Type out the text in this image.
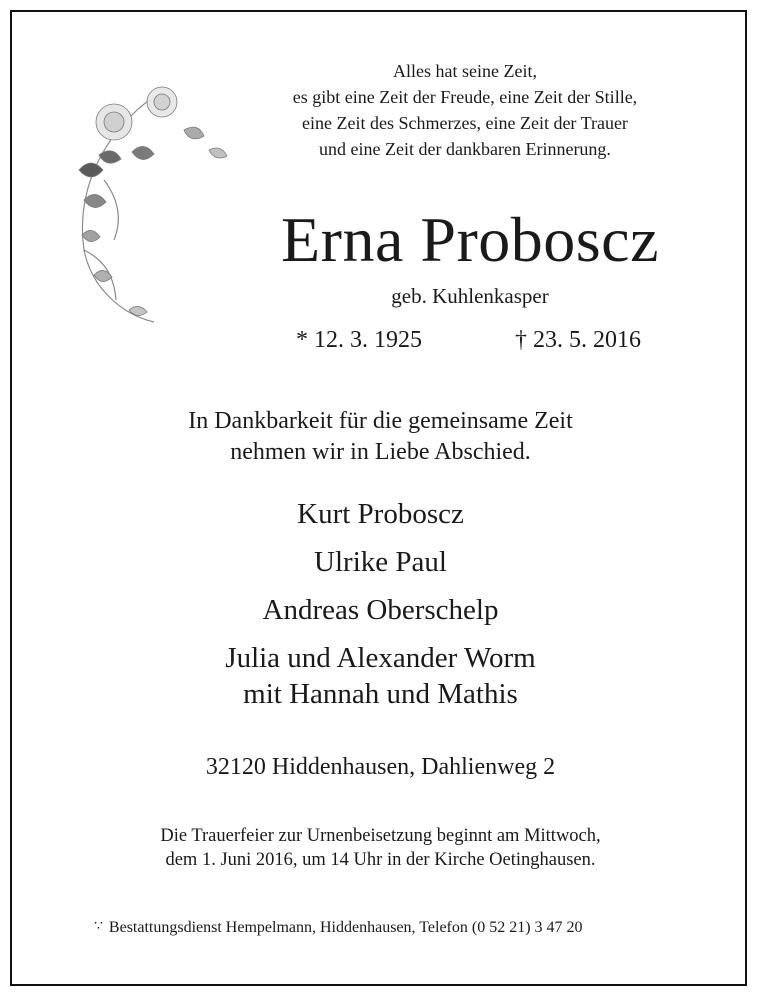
Alles hat seine Zeit,
es gibt eine Zeit der Freude, eine Zeit der Stille,
eine Zeit des Schmerzes, eine Zeit der Trauer
und eine Zeit der dankbaren Erinnerung.
Erna Proboscz
geb. Kuhlenkasper
* 12. 3. 1925	† 23. 5. 2016
In Dankbarkeit für die gemeinsame Zeit
nehmen wir in Liebe Abschied.
Kurt Proboscz
Ulrike Paul
Andreas Oberschelp
Julia und Alexander Worm
mit Hannah und Mathis
32120 Hiddenhausen, Dahlienweg 2
Die Trauerfeier zur Urnenbeisetzung beginnt am Mittwoch,
dem 1. Juni 2016, um 14 Uhr in der Kirche Oetinghausen.
∵ Bestattungsdienst Hempelmann, Hiddenhausen, Telefon (0 52 21) 3 47 20
